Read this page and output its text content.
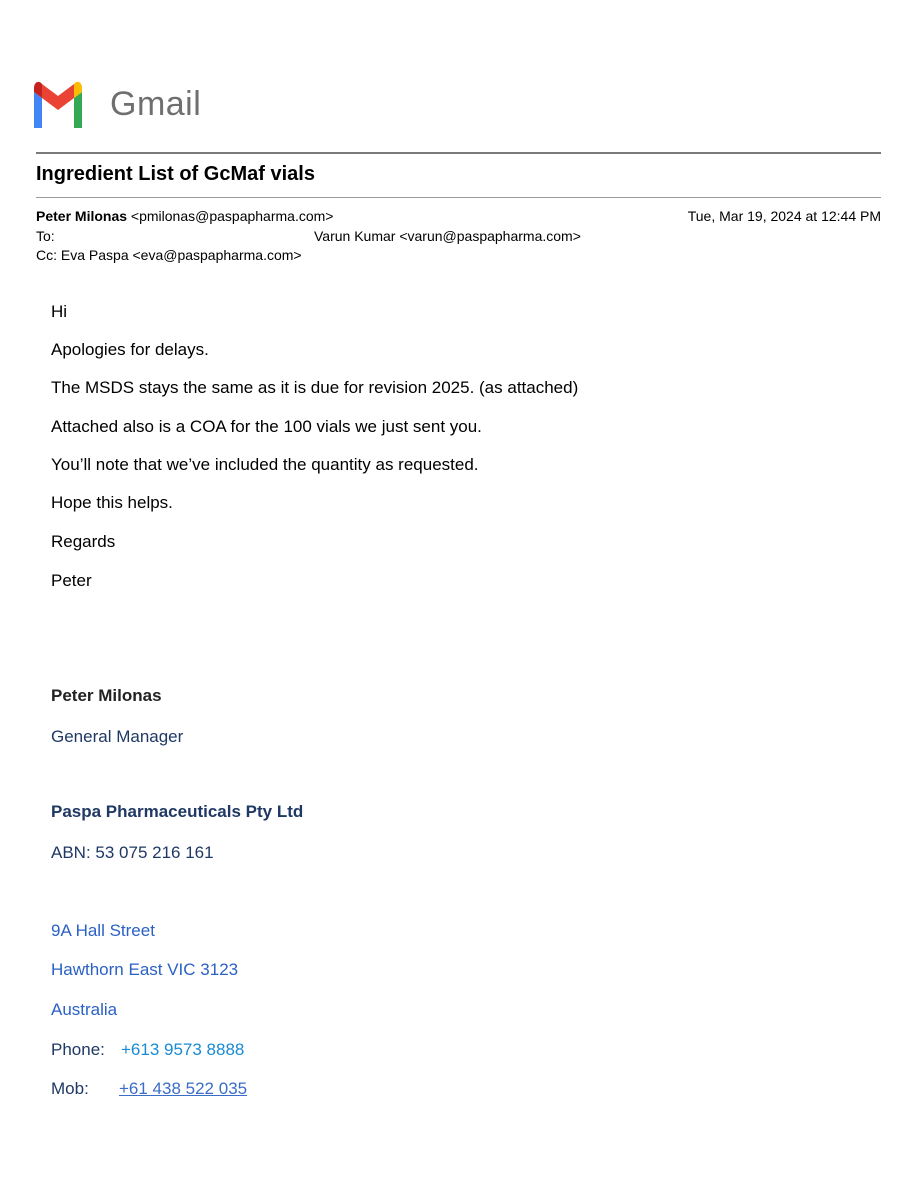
Gmail
Ingredient List of GcMaf vials
Peter Milonas <pmilonas@paspapharma.com>	Tue, Mar 19, 2024 at 12:44 PM
To:	Varun Kumar <varun@paspapharma.com>
Cc: Eva Paspa <eva@paspapharma.com>
Hi
Apologies for delays.
The MSDS stays the same as it is due for revision 2025. (as attached)
Attached also is a COA for the 100 vials we just sent you.
You’ll note that we’ve included the quantity as requested.
Hope this helps.
Regards
Peter
Peter Milonas
General Manager
Paspa Pharmaceuticals Pty Ltd
ABN: 53 075 216 161
9A Hall Street
Hawthorn East VIC 3123
Australia
Phone: +613 9573 8888
Mob: +61 438 522 035
